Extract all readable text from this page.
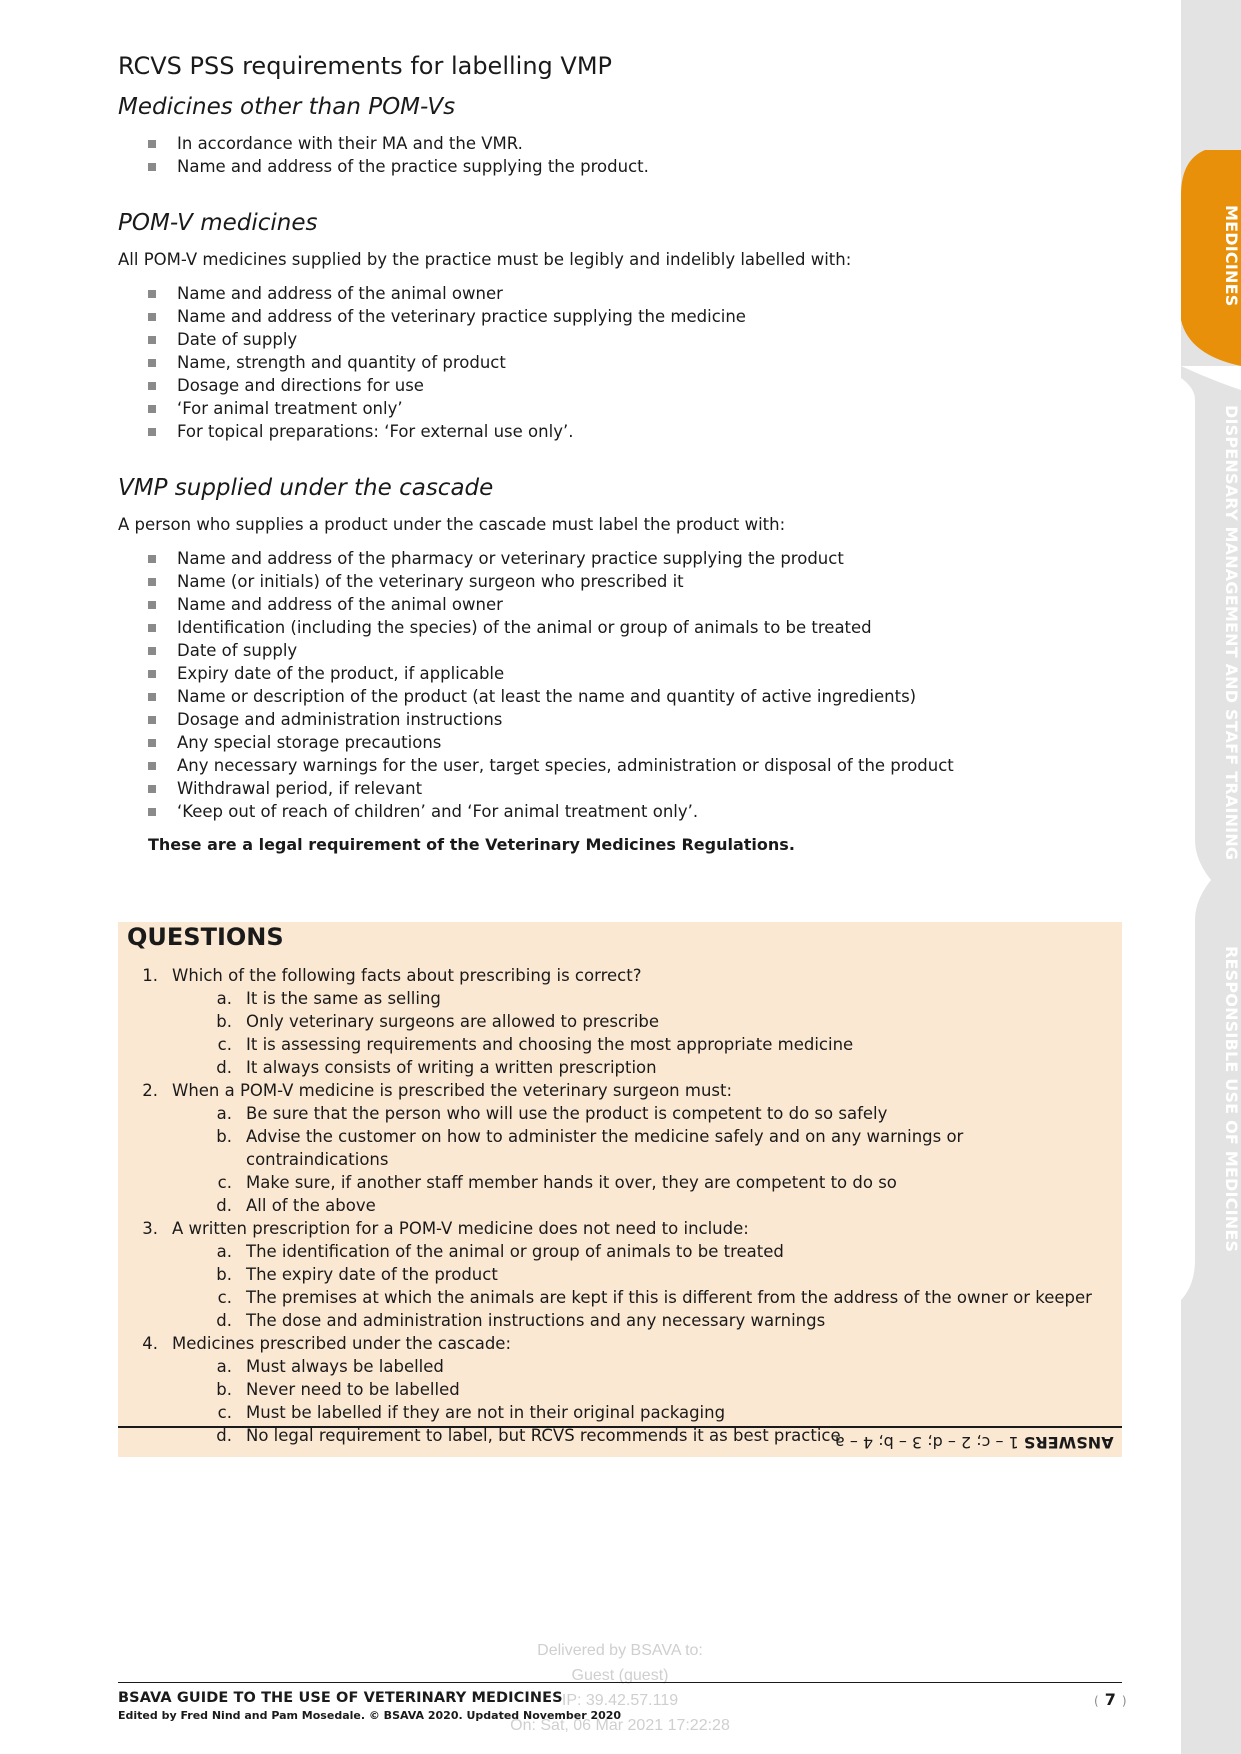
MEDICINES
DISPENSARY MANAGEMENT AND STAFF TRAINING
RESPONSIBLE USE OF MEDICINES
RCVS PSS requirements for labelling VMP
Medicines other than POM-Vs
In accordance with their MA and the VMR.
Name and address of the practice supplying the product.
POM-V medicines

All POM-V medicines supplied by the practice must be legibly and indelibly labelled with:

Name and address of the animal owner
Name and address of the veterinary practice supplying the medicine
Date of supply
Name, strength and quantity of product
Dosage and directions for use
‘For animal treatment only’
For topical preparations: ‘For external use only’.
VMP supplied under the cascade

A person who supplies a product under the cascade must label the product with:

Name and address of the pharmacy or veterinary practice supplying the product
Name (or initials) of the veterinary surgeon who prescribed it
Name and address of the animal owner
Identification (including the species) of the animal or group of animals to be treated
Date of supply
Expiry date of the product, if applicable
Name or description of the product (at least the name and quantity of active ingredients)
Dosage and administration instructions
Any special storage precautions
Any necessary warnings for the user, target species, administration or disposal of the product
Withdrawal period, if relevant
‘Keep out of reach of children’ and ‘For animal treatment only’.

These are a legal requirement of the Veterinary Medicines Regulations.

QUESTIONS
1. Which of the following facts about prescribing is correct?
a. It is the same as selling
b. Only veterinary surgeons are allowed to prescribe
c. It is assessing requirements and choosing the most appropriate medicine
d. It always consists of writing a written prescription
2. When a POM-V medicine is prescribed the veterinary surgeon must:
a. Be sure that the person who will use the product is competent to do so safely
b. Advise the customer on how to administer the medicine safely and on any warnings or contraindications
c. Make sure, if another staff member hands it over, they are competent to do so
d. All of the above
3. A written prescription for a POM-V medicine does not need to include:
a. The identification of the animal or group of animals to be treated
b. The expiry date of the product
c. The premises at which the animals are kept if this is different from the address of the owner or keeper
d. The dose and administration instructions and any necessary warnings
4. Medicines prescribed under the cascade:
a. Must always be labelled
b. Never need to be labelled
c. Must be labelled if they are not in their original packaging
d. No legal requirement to label, but RCVS recommends it as best practice	ANSWERS 1 – c; 2 – d; 3 – b; 4 – a
Delivered by BSAVA to:
Guest (guest)
IP: 39.42.57.119
On: Sat, 06 Mar 2021 17:22:28
BSAVA GUIDE TO THE USE OF VETERINARY MEDICINES
Edited by Fred Nind and Pam Mosedale. © BSAVA 2020. Updated November 2020
( 7 )
